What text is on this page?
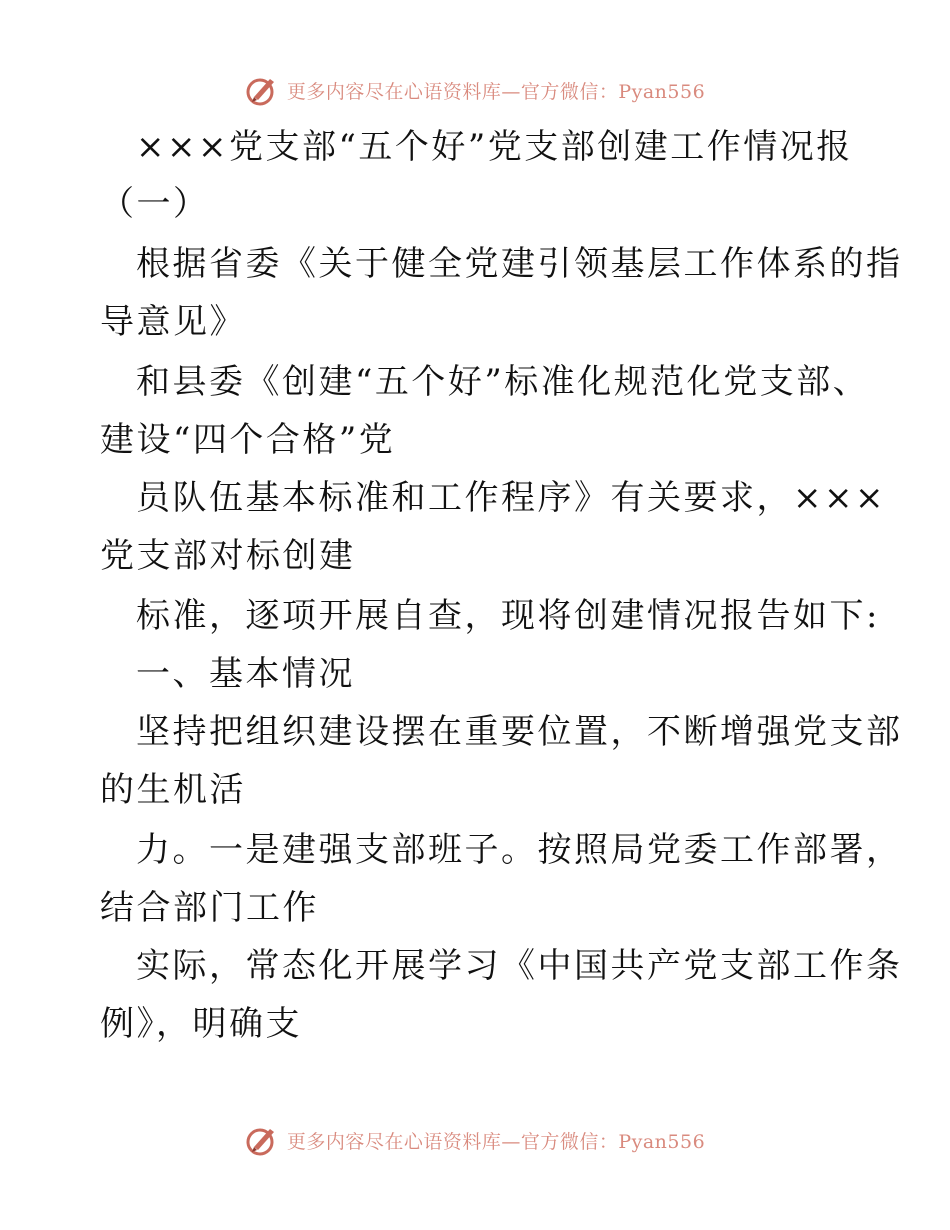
更多内容尽在心语资料库—官方微信：Pyan556
×××党支部“五个好”党支部创建工作情况报
（一）
根据省委《关于健全党建引领基层工作体系的指
导意见》
和县委《创建“五个好”标准化规范化党支部、
建设“四个合格”党
员队伍基本标准和工作程序》有关要求，×××
党支部对标创建
标准，逐项开展自查，现将创建情况报告如下:
一、基本情况
坚持把组织建设摆在重要位置，不断增强党支部
的生机活
力。一是建强支部班子。按照局党委工作部署，
结合部门工作
实际，常态化开展学习《中国共产党支部工作条
例》，明确支
更多内容尽在心语资料库—官方微信：Pyan556
